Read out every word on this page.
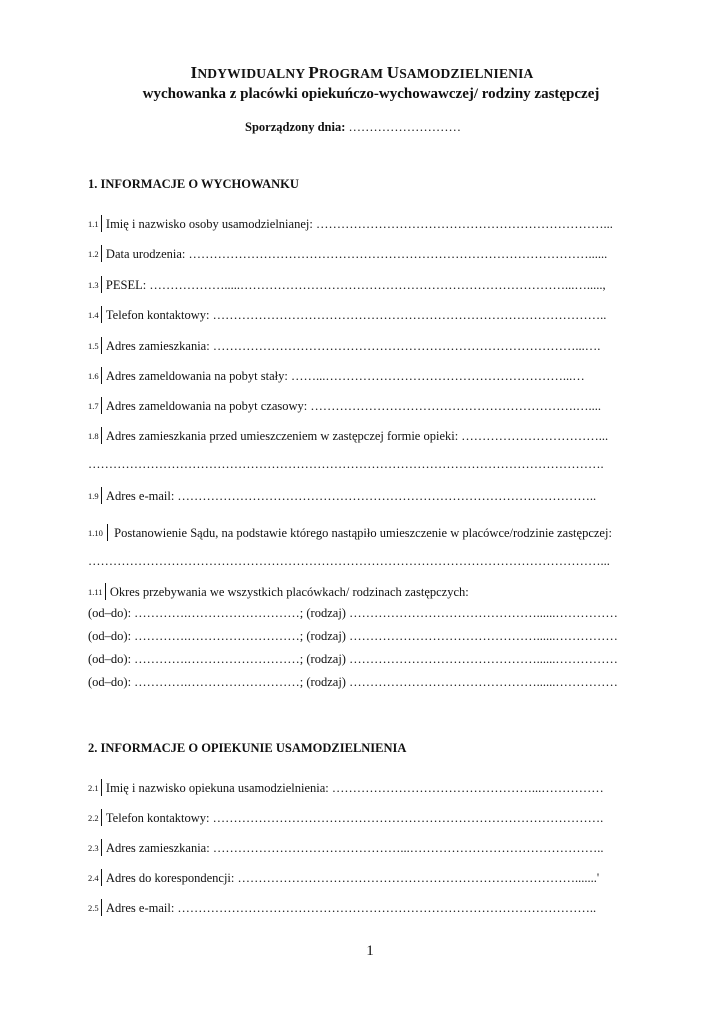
INDYWIDUALNY PROGRAM USAMODZIELNIENIA
wychowanka z placówki opiekuńczo-wychowawczej/ rodziny zastępczej
Sporządzony dnia: ………………………
1. INFORMACJE O WYCHOWANKU
1.1 Imię i nazwisko osoby usamodzielnianej: ……………………………………………………………...
1.2 Data urodzenia: ……………………………………………………………………………………......
1.3 PESEL: ……………….....……………………………………………………………………...….....,
1.4 Telefon kontaktowy: …………………………………………………………………………………..
1.5 Adres zamieszkania: ……………………………………………………………………………...….
1.6 Adres zameldowania na pobyt stały: ……...…………………………………………………...…
1.7 Adres zameldowania na pobyt czasowy: ……………………………………………………….…....
1.8 Adres zamieszkania przed umieszczeniem w zastępczej formie opieki: ……………………………...
…………………………………………………………………………………………………………….
1.9 Adres e-mail: ………………………………………………………………………………………..
1.10 Postanowienie Sądu, na podstawie którego nastąpiło umieszczenie w placówce/rodzinie zastępczej:
……………………………………………………………………………………………………………...
1.11 Okres przebywania we wszystkich placówkach/ rodzinach zastępczych:
(od–do): ………….………………………; (rodzaj) ………………………………………......……………
(od–do): ………….………………………; (rodzaj) ………………………………………......……………
(od–do): ………….………………………; (rodzaj) ………………………………………......……………
(od–do): ………….………………………; (rodzaj) ………………………………………......……………
2. INFORMACJE O OPIEKUNIE USAMODZIELNIENIA
2.1 Imię i nazwisko opiekuna usamodzielnienia: …………………………………………...……………
2.2 Telefon kontaktowy: ………………………………………………………………………………….
2.3 Adres zamieszkania: ………………………………………...………………………………………..
2.4 Adres do korespondencji: ……………………………………………………………………….......'
2.5 Adres e-mail: ………………………………………………………………………………………..
1
